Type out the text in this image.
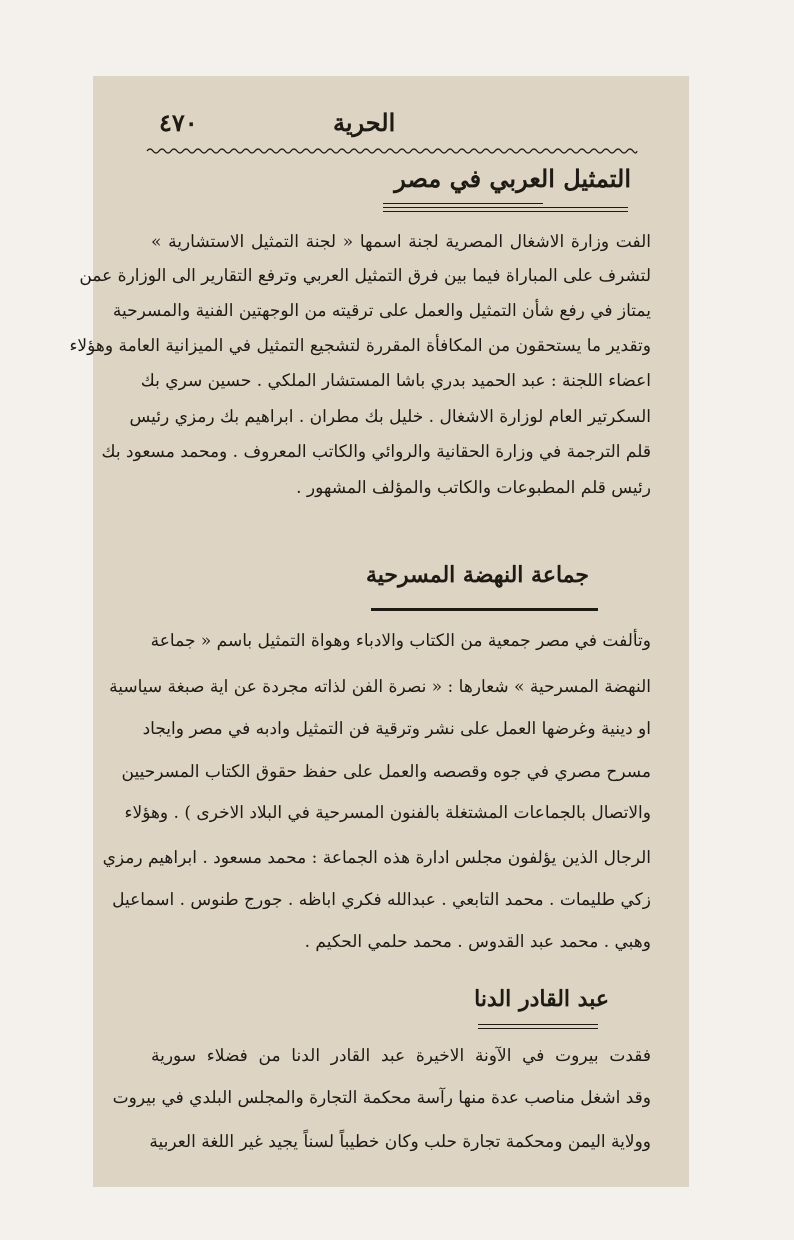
٤٧٠	الحرية
التمثيل العربي في مصر
الفت وزارة الاشغال المصرية لجنة اسمها « لجنة التمثيل الاستشارية »
لتشرف على المباراة فيما بين فرق التمثيل العربي وترفع التقارير الى الوزارة عمن
يمتاز في رفع شأن التمثيل والعمل على ترقيته من الوجهتين الفنية والمسرحية
وتقدير ما يستحقون من المكافأة المقررة لتشجيع التمثيل في الميزانية العامة وهؤلاء
اعضاء اللجنة : عبد الحميد بدري باشا المستشار الملكي . حسين سري بك
السكرتير العام لوزارة الاشغال . خليل بك مطران . ابراهيم بك رمزي رئيس
قلم الترجمة في وزارة الحقانية والروائي والكاتب المعروف . ومحمد مسعود بك
رئيس قلم المطبوعات والكاتب والمؤلف المشهور .
جماعة النهضة المسرحية
وتألفت في مصر جمعية من الكتاب والادباء وهواة التمثيل باسم « جماعة
النهضة المسرحية » شعارها : « نصرة الفن لذاته مجردة عن اية صبغة سياسية
او دينية وغرضها العمل على نشر وترقية فن التمثيل وادبه في مصر وايجاد
مسرح مصري في جوه وقصصه والعمل على حفظ حقوق الكتاب المسرحيين
والاتصال بالجماعات المشتغلة بالفنون المسرحية في البلاد الاخرى ) . وهؤلاء
الرجال الذين يؤلفون مجلس ادارة هذه الجماعة : محمد مسعود . ابراهيم رمزي
زكي طليمات . محمد التابعي . عبدالله فكري اباظه . جورج طنوس . اسماعيل
وهبي . محمد عبد القدوس . محمد حلمي الحكيم .
عبد القادر الدنا
فقدت بيروت في الآونة الاخيرة عبد القادر الدنا من فضلاء سورية
وقد اشغل مناصب عدة منها رآسة محكمة التجارة والمجلس البلدي في بيروت
وولاية اليمن ومحكمة تجارة حلب وكان خطيباً لسناً يجيد غير اللغة العربية
